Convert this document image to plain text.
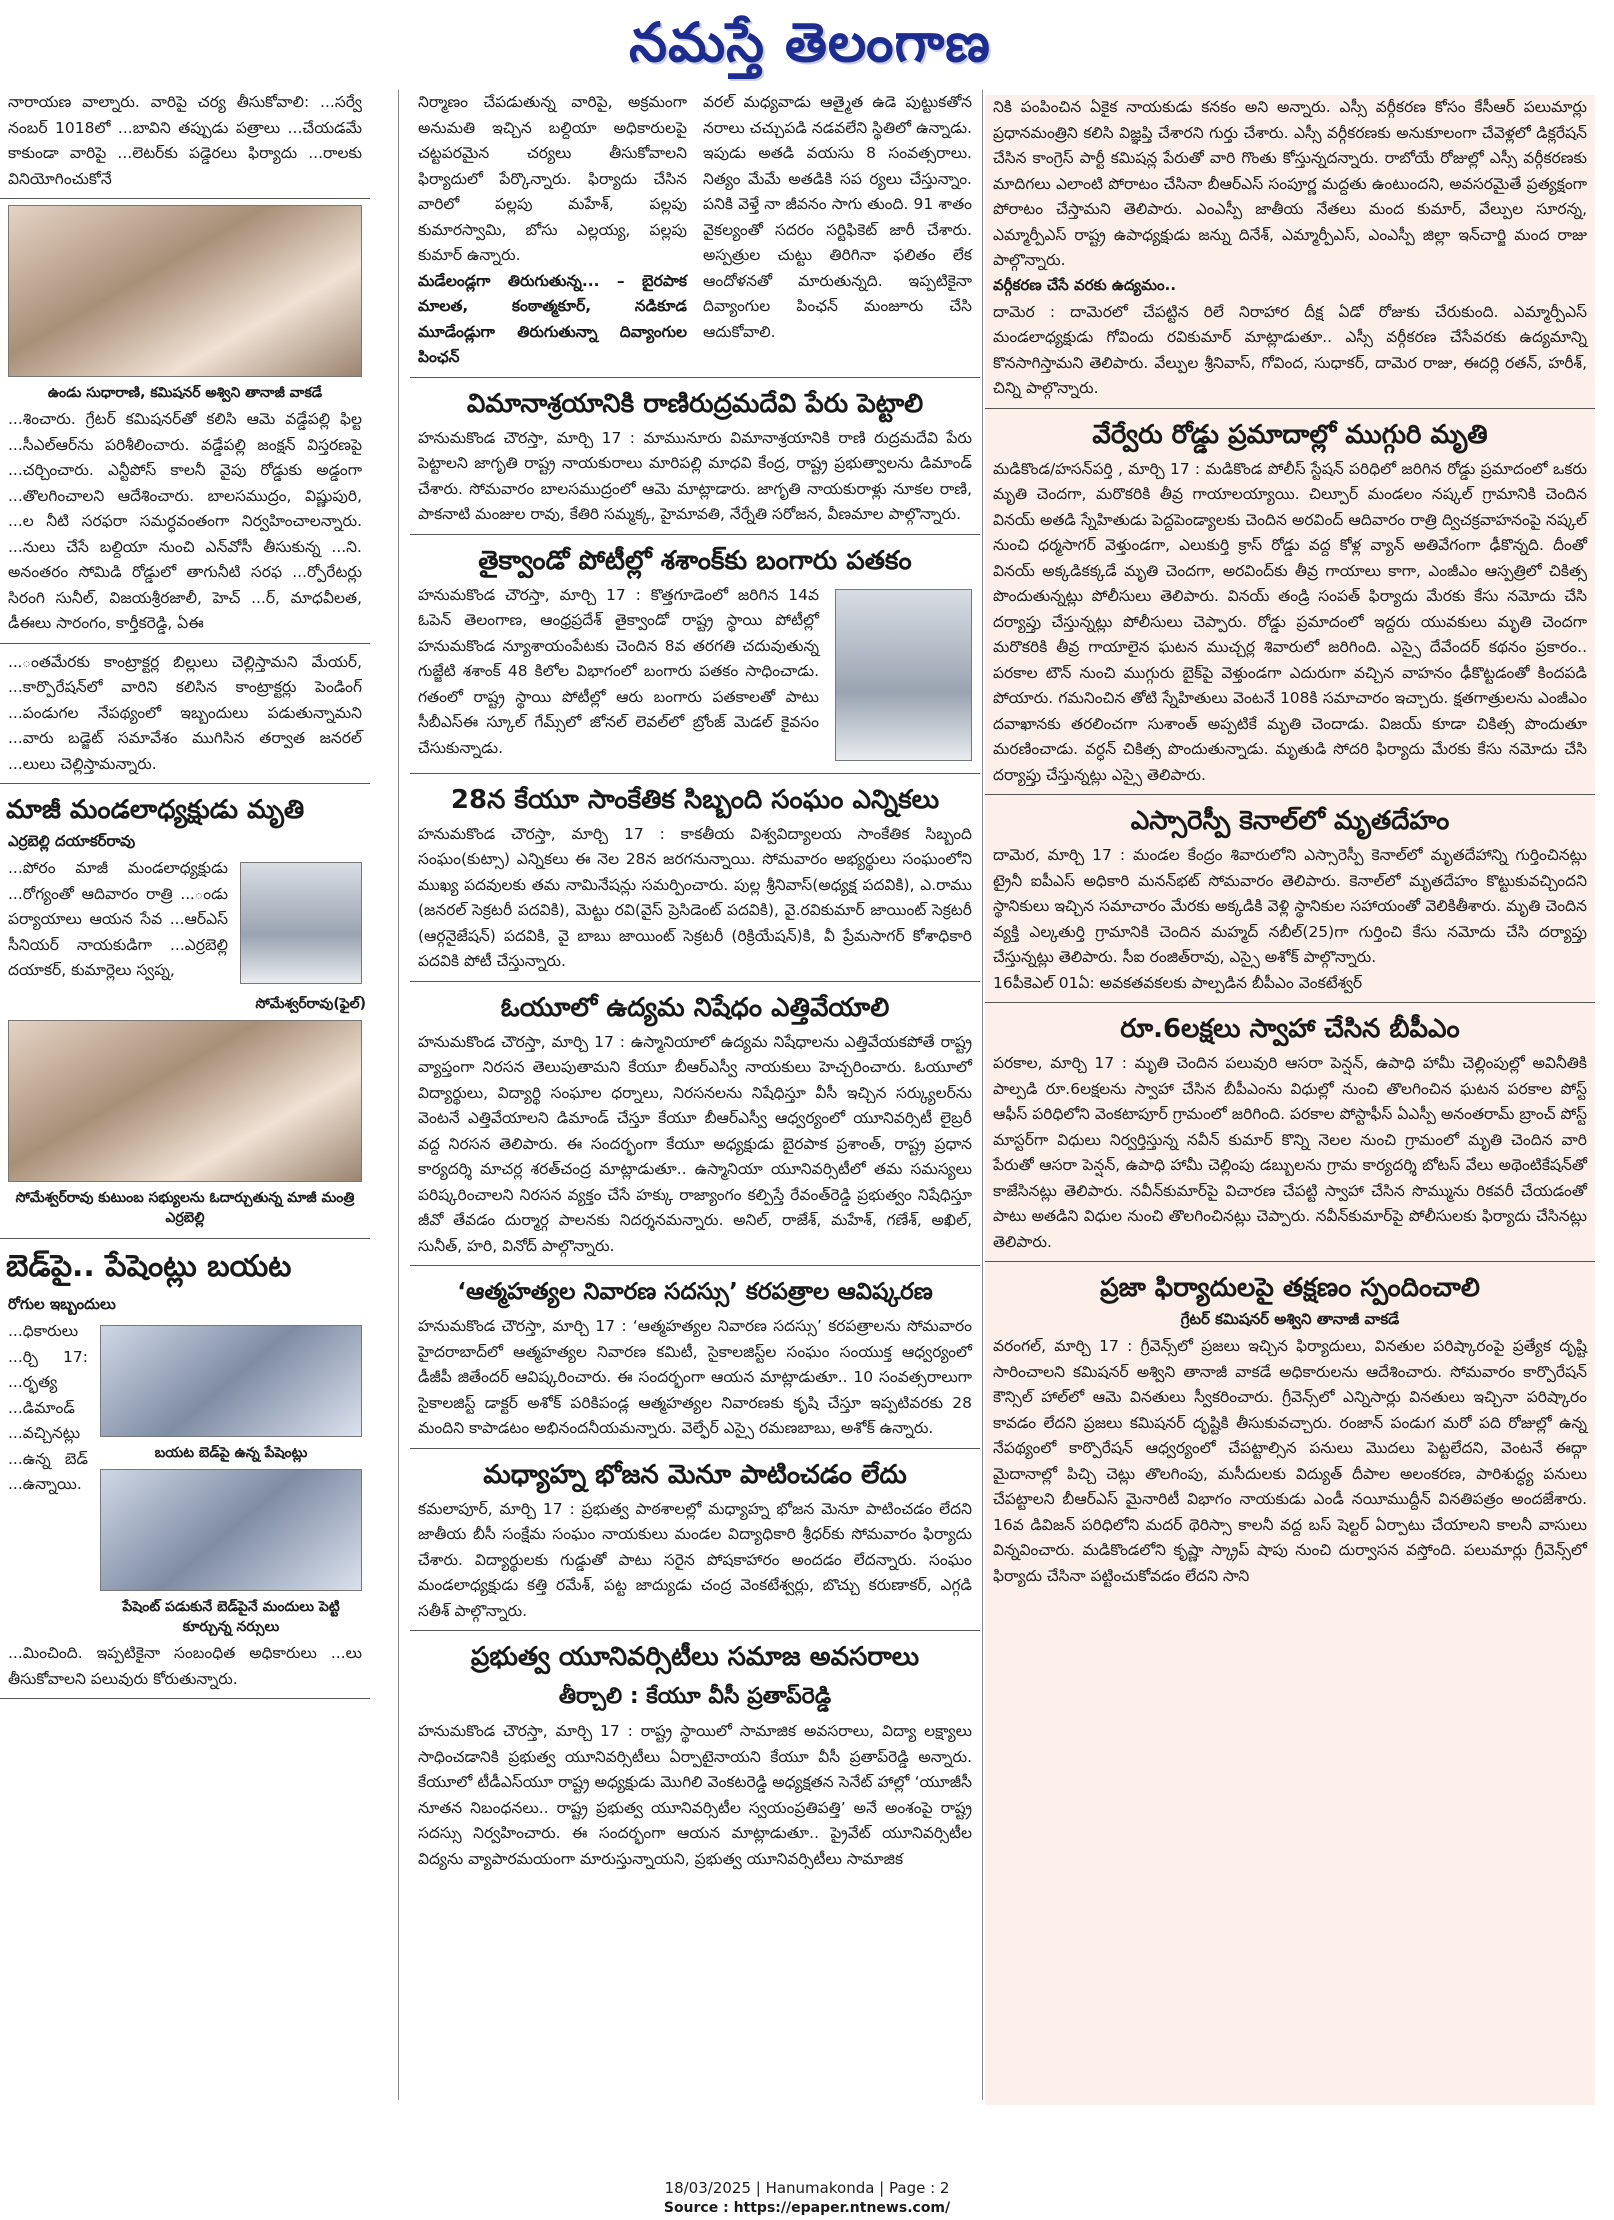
నమస్తే తెలంగాణ

నారాయణ వాల్నారు. వారిపై చర్య తీసుకోవాలి: ...సర్వే నంబర్ 1018లో ...బావిని తప్పుడు పత్రాలు ...చేయడమే కాకుండా వారిపై ...లెటర్‌కు పడ్డెరలు ఫిర్యాదు ...రాలకు వినియోగించుకోనే

ఉండు సుధారాణి, కమిషనర్ అశ్విని తానాజీ వాకడే

...శించారు. గ్రేటర్ కమిషనర్‌తో కలిసి ఆమె వడ్డేపల్లి ఫిల్ట ...సీఎల్‌ఆర్‌ను పరిశీలించారు. వడ్డేపల్లి జంక్షన్ విస్తరణపై ...చర్చించారు. ఎన్టీపోస్ కాలనీ వైపు రోడ్డుకు అడ్డంగా ...తొలగించాలని ఆదేశించారు. బాలసముద్రం, విష్ణుపురి, ...ల నీటి సరఫరా సమర్ధవంతంగా నిర్వహించాలన్నారు. ...నులు చేసే బల్దియా నుంచి ఎన్‌వోసీ తీసుకున్న ...ని. అనంతరం సోమిడి రోడ్డులో తాగునీటి సరఫ ...ర్పోరేటర్లు సిరంగి సునీల్, విజయశ్రీరజాలీ, హెచ్ ...ర్, మాధవీలత, డీఈలు సారంగం, కార్తీకరెడ్డి, ఏఈ

...ంతమేరకు కాంట్రాక్టర్ల బిల్లులు చెల్లిస్తామని మేయర్, ...కార్పొరేషన్‌లో వారిని కలిసిన కాంట్రాక్టర్లు పెండింగ్ ...పండుగల నేపథ్యంలో ఇబ్బందులు పడుతున్నామని ...వారు బడ్జెట్ సమావేశం ముగిసిన తర్వాత జనరల్ ...లులు చెల్లిస్తామన్నారు.

మాజీ మండలాధ్యక్షుడు మృతి
ఎర్రబెల్లి దయాకర్‌రావు

...పోరం మాజీ మండలాధ్యక్షుడు ...రోగ్యంతో ఆదివారం రాత్రి ...ండు పర్యాయాలు ఆయన సేవ ...ఆర్‌ఎస్ సీనియర్ నాయకుడిగా ...ఎర్రబెల్లి దయాకర్, కుమార్లెలు స్వప్న,

సోమేశ్వర్‌రావు(ఫైల్)
సోమేశ్వర్‌రావు కుటుంబ సభ్యులను ఓదార్చుతున్న మాజీ మంత్రి ఎర్రబెల్లి
బెడ్‌పై.. పేషెంట్లు బయట
రోగుల ఇబ్బందులు

...ధికారులు ...ర్చి 17: ...ర్భత్య ...డిమాండ్ ...వచ్చినట్లు ...ఉన్న బెడ్ ...ఉన్నాయి.

బయట బెడ్‌పై ఉన్న పేషెంట్లు
పేషెంట్ పడుకునే బెడ్‌పైనే మందులు పెట్టి కూర్చున్న నర్సులు

...మించింది. ఇప్పటికైనా సంబంధిత అధికారులు ...లు తీసుకోవాలని పలువురు కోరుతున్నారు.

నిర్మాణం చేపడుతున్న వారిపై, అక్రమంగా అనుమతి ఇచ్చిన బల్దియా అధికారులపై చట్టపరమైన చర్యలు తీసుకోవాలని ఫిర్యాదులో పేర్కొన్నారు. ఫిర్యాదు చేసిన వారిలో పల్లపు మహేశ్, పల్లపు కుమారస్వామి, బోసు ఎల్లయ్య, పల్లపు కుమార్ ఉన్నారు.

మడేలండ్లగా తిరుగుతున్న... – బైరపాక మాలత, కంఠాత్మకూర్, నడికూడ మూడేండ్లుగా తిరుగుతున్నా దివ్యాంగుల పింఛన్

వరల్ మధ్యవాడు ఆత్మైత ఉడె పుట్టుకతోన నరాలు చచ్చుపడి నడవలేని స్థితిలో ఉన్నాడు. ఇపుడు అతడి వయసు 8 సంవత్సరాలు. నిత్యం మేమే అతడికి సప ర్యలు చేస్తున్నాం. పనికి వెళ్తే నా జీవనం సాగు తుంది. 91 శాతం వైకల్యంతో సదరం సర్టిఫికెట్ జారీ చేశారు. అస్పత్రుల చుట్టు తిరిగినా ఫలితం లేక ఆందోళనతో మారుతున్నది. ఇప్పటికైనా దివ్యాంగుల పింఛన్ మంజూరు చేసి ఆదుకోవాలి.

విమానాశ్రయానికి రాణిరుద్రమదేవి పేరు పెట్టాలి

హనుమకొండ చౌరస్తా, మార్చి 17 : మామునూరు విమానాశ్రయానికి రాణి రుద్రమదేవి పేరు పెట్టాలని జాగృతి రాష్ట్ర నాయకురాలు మారిపల్లి మాధవి కేంద్ర, రాష్ట్ర ప్రభుత్వాలను డిమాండ్ చేశారు. సోమవారం బాలసముద్రంలో ఆమె మాట్లాడారు. జాగృతి నాయకురాళ్లు నూకల రాణి, పాకనాటి మంజుల రావు, కేతిరి సమ్మక్క, హైమావతి, నేర్నేతి సరోజన, వీణమాల పాల్గొన్నారు.

తైక్వాండో పోటీల్లో శశాంక్‌కు బంగారు పతకం

హనుమకొండ చౌరస్తా, మార్చి 17 : కొత్తగూడెంలో జరిగిన 14వ ఓపెన్ తెలంగాణ, ఆంధ్రప్రదేశ్ తైక్వాండో రాష్ట్ర స్థాయి పోటీల్లో హనుమకొండ న్యూశాయంపేటకు చెందిన 8వ తరగతి చదువుతున్న గుజ్జేటి శశాంక్ 48 కిలోల విభాగంలో బంగారు పతకం సాధించాడు. గతంలో రాష్ట్ర స్థాయి పోటీల్లో ఆరు బంగారు పతకాలతో పాటు సీబీఎస్‌ఈ స్కూల్ గేమ్స్‌లో జోనల్ లెవల్‌లో బ్రోంజ్ మెడల్ కైవసం చేసుకున్నాడు.

28న కేయూ సాంకేతిక సిబ్బంది సంఘం ఎన్నికలు

హనుమకొండ చౌరస్తా, మార్చి 17 : కాకతీయ విశ్వవిద్యాలయ సాంకేతిక సిబ్బంది సంఘం(కుట్సా) ఎన్నికలు ఈ నెల 28న జరగనున్నాయి. సోమవారం అభ్యర్థులు సంఘంలోని ముఖ్య పదవులకు తమ నామినేషన్లు సమర్పించారు. పుల్ల శ్రీనివాస్(అధ్యక్ష పదవికి), ఎ.రాము (జనరల్ సెక్రటరీ పదవికి), మెట్టు రవి(వైస్ ప్రెసిడెంట్ పదవికి), వై.రవికుమార్ జాయింట్ సెక్రటరీ (ఆర్గనైజేషన్) పదవికి, వై బాబు జాయింట్ సెక్రటరీ (రిక్రియేషన్)కి, వీ ప్రేమసాగర్ కోశాధికారి పదవికి పోటీ చేస్తున్నారు.

ఓయూలో ఉద్యమ నిషేధం ఎత్తివేయాలి

హనుమకొండ చౌరస్తా, మార్చి 17 : ఉస్మానియాలో ఉద్యమ నిషేధాలను ఎత్తివేయకపోతే రాష్ట్ర వ్యాప్తంగా నిరసన తెలుపుతామని కేయూ బీఆర్‌ఎస్వీ నాయకులు హెచ్చరించారు. ఓయూలో విద్యార్థులు, విద్యార్థి సంఘాల ధర్నాలు, నిరసనలను నిషేధిస్తూ వీసీ ఇచ్చిన సర్క్యులర్‌ను వెంటనే ఎత్తివేయాలని డిమాండ్ చేస్తూ కేయూ బీఆర్‌ఎస్వీ ఆధ్వర్యంలో యూనివర్సిటీ లైబ్రరీ వద్ద నిరసన తెలిపారు. ఈ సందర్భంగా కేయూ అధ్యక్షుడు బైరపాక ప్రశాంత్, రాష్ట్ర ప్రధాన కార్యదర్శి మాచర్ల శరత్‌చంద్ర మాట్లాడుతూ.. ఉస్మానియా యూనివర్సిటీలో తమ సమస్యలు పరిష్కరించాలని నిరసన వ్యక్తం చేసే హక్కు రాజ్యాంగం కల్పిస్తే రేవంత్‌రెడ్డి ప్రభుత్వం నిషేధిస్తూ జీవో తేవడం దుర్మార్గ పాలనకు నిదర్శనమన్నారు. అనిల్, రాజేశ్, మహేశ్, గణేశ్, అఖిల్, సునీత్, హరి, వినోద్ పాల్గొన్నారు.

‘ఆత్మహత్యల నివారణ సదస్సు’ కరపత్రాల ఆవిష్కరణ

హనుమకొండ చౌరస్తా, మార్చి 17 : ‘ఆత్మహత్యల నివారణ సదస్సు’ కరపత్రాలను సోమవారం హైదరాబాద్‌లో ఆత్మహత్యల నివారణ కమిటీ, సైకాలజిస్ట్‌ల సంఘం సంయుక్త ఆధ్వర్యంలో డీజీపీ జితేందర్ ఆవిష్కరించారు. ఈ సందర్భంగా ఆయన మాట్లాడుతూ.. 10 సంవత్సరాలుగా సైకాలజిస్ట్ డాక్టర్ అశోక్ పరికిపండ్ల ఆత్మహత్యల నివారణకు కృషి చేస్తూ ఇప్పటివరకు 28 మందిని కాపాడటం అభినందనీయమన్నారు. వెల్ఫేర్ ఎస్సై రమణబాబు, అశోక్ ఉన్నారు.

మధ్యాహ్న భోజన మెనూ పాటించడం లేదు

కమలాపూర్, మార్చి 17 : ప్రభుత్వ పాఠశాలల్లో మధ్యాహ్న భోజన మెనూ పాటించడం లేదని జాతీయ బీసీ సంక్షేమ సంఘం నాయకులు మండల విద్యాధికారి శ్రీధర్‌కు సోమవారం ఫిర్యాదు చేశారు. విద్యార్థులకు గుడ్డుతో పాటు సరైన పోషకాహారం అందడం లేదన్నారు. సంఘం మండలాధ్యక్షుడు కత్తి రమేశ్, పట్ట జాద్యుడు చంద్ర వెంకటేశ్వర్లు, బొచ్చు కరుణాకర్, ఎగ్గడి సతీశ్ పాల్గొన్నారు.

ప్రభుత్వ యూనివర్సిటీలు సమాజ అవసరాలు
తీర్చాలి : కేయూ వీసీ ప్రతాప్‌రెడ్డి

హనుమకొండ చౌరస్తా, మార్చి 17 : రాష్ట్ర స్థాయిలో సామాజిక అవసరాలు, విద్యా లక్ష్యాలు సాధించడానికి ప్రభుత్వ యూనివర్సిటీలు ఏర్పాటైనాయని కేయూ వీసీ ప్రతాప్‌రెడ్డి అన్నారు. కేయూలో టీడీఎస్‌యూ రాష్ట్ర అధ్యక్షుడు మొగిలి వెంకటరెడ్డి అధ్యక్షతన సెనేట్ హాల్లో ‘యూజీసీ నూతన నిబంధనలు.. రాష్ట్ర ప్రభుత్వ యూనివర్సిటీల స్వయంప్రతిపత్తి’ అనే అంశంపై రాష్ట్ర సదస్సు నిర్వహించారు. ఈ సందర్భంగా ఆయన మాట్లాడుతూ.. ప్రైవేట్ యూనివర్సిటీల విద్యను వ్యాపారమయంగా మారుస్తున్నాయని, ప్రభుత్వ యూనివర్సిటీలు సామాజిక

నికి పంపించిన ఏకైక నాయకుడు కనకం అని అన్నారు. ఎస్సీ వర్గీకరణ కోసం కేసీఆర్ పలుమార్లు ప్రధానమంత్రిని కలిసి విజ్ఞప్తి చేశారని గుర్తు చేశారు. ఎస్సీ వర్గీకరణకు అనుకూలంగా చేవెళ్లలో డిక్లరేషన్ చేసిన కాంగ్రెస్ పార్టీ కమిషన్ల పేరుతో వారి గొంతు కోస్తున్నదన్నారు. రాబోయే రోజుల్లో ఎస్సీ వర్గీకరణకు మాదిగలు ఎలాంటి పోరాటం చేసినా బీఆర్‌ఎస్ సంపూర్ణ మద్దతు ఉంటుందని, అవసరమైతే ప్రత్యక్షంగా పోరాటం చేస్తామని తెలిపారు. ఎంఎస్పీ జాతీయ నేతలు మంద కుమార్, వేల్పుల సూరన్న, ఎమ్మార్పీఎస్ రాష్ట్ర ఉపాధ్యక్షుడు జన్ను దినేశ్, ఎమ్మార్పీఎస్, ఎంఎస్పీ జిల్లా ఇన్‌చార్జి మంద రాజు పాల్గొన్నారు.

వర్గీకరణ చేసే వరకు ఉద్యమం..

దామెర : దామెరలో చేపట్టిన రిలే నిరాహార దీక్ష ఏడో రోజుకు చేరుకుంది. ఎమ్మార్పీఎస్ మండలాధ్యక్షుడు గోవిందు రవికుమార్ మాట్లాడుతూ.. ఎస్సీ వర్గీకరణ చేసేవరకు ఉద్యమాన్ని కొనసాగిస్తామని తెలిపారు. వేల్పుల శ్రీనివాస్, గోవింద, సుధాకర్, దామెర రాజు, ఈదర్లి రతన్, హరీశ్, చిన్ని పాల్గొన్నారు.

వేర్వేరు రోడ్డు ప్రమాదాల్లో ముగ్గురి మృతి

మడికొండ/హసన్‌పర్తి , మార్చి 17 : మడికొండ పోలీస్ స్టేషన్ పరిధిలో జరిగిన రోడ్డు ప్రమాదంలో ఒకరు మృతి చెందగా, మరొకరికి తీవ్ర గాయాలయ్యాయి. చిల్పూర్ మండలం నష్కల్ గ్రామానికి చెందిన వినయ్ అతడి స్నేహితుడు పెద్దపెండ్యాలకు చెందిన అరవింద్ ఆదివారం రాత్రి ద్విచక్రవాహనంపై నష్కల్ నుంచి ధర్మసాగర్ వెళ్తుండగా, ఎలుకుర్తి క్రాస్ రోడ్డు వద్ద కోళ్ల వ్యాన్ అతివేగంగా ఢీకొన్నది. దీంతో వినయ్ అక్కడికక్కడే మృతి చెందగా, అరవింద్‌కు తీవ్ర గాయాలు కాగా, ఎంజీఎం ఆస్పత్రిలో చికిత్స పొందుతున్నట్లు పోలీసులు తెలిపారు. వినయ్ తండ్రి సంపత్ ఫిర్యాదు మేరకు కేసు నమోదు చేసి దర్యాప్తు చేస్తున్నట్లు పోలీసులు చెప్పారు. రోడ్డు ప్రమాదంలో ఇద్దరు యువకులు మృతి చెందగా మరొకరికి తీవ్ర గాయాలైన ఘటన ముచ్చర్ల శివారులో జరిగింది. ఎస్సై దేవేందర్ కథనం ప్రకారం.. పరకాల టౌన్ నుంచి ముగ్గురు బైక్‌పై వెళ్తుండగా ఎదురుగా వచ్చిన వాహనం ఢీకొట్టడంతో కిందపడి పోయారు. గమనించిన తోటి స్నేహితులు వెంటనే 108కి సమాచారం ఇచ్చారు. క్షతగాత్రులను ఎంజీఎం దవాఖానకు తరలించగా సుశాంత్ అప్పటికే మృతి చెందాడు. విజయ్ కూడా చికిత్స పొందుతూ మరణించాడు. వర్ధన్ చికిత్స పొందుతున్నాడు. మృతుడి సోదరి ఫిర్యాదు మేరకు కేసు నమోదు చేసి దర్యాప్తు చేస్తున్నట్లు ఎస్సై తెలిపారు.

ఎస్సారెస్పీ కెనాల్‌లో మృతదేహం

దామెర, మార్చి 17 : మండల కేంద్రం శివారులోని ఎస్సారెస్పీ కెనాల్‌లో మృతదేహాన్ని గుర్తించినట్లు ట్రైనీ ఐపీఎస్ అధికారి మనన్‌భట్ సోమవారం తెలిపారు. కెనాల్‌లో మృతదేహం కొట్టుకువచ్చిందని స్థానికులు ఇచ్చిన సమాచారం మేరకు అక్కడికి వెళ్లి స్థానికుల సహాయంతో వెలికితీశారు. మృతి చెందిన వ్యక్తి ఎల్కతుర్తి గ్రామానికి చెందిన మహ్మద్ నబీల్(25)గా గుర్తించి కేసు నమోదు చేసి దర్యాప్తు చేస్తున్నట్లు తెలిపారు. సీఐ రంజిత్‌రావు, ఎస్సై అశోక్ పాల్గొన్నారు.

16పీకెఎల్ 01ఏ: అవకతవకలకు పాల్పడిన బీపీఎం వెంకటేశ్వర్

రూ.6లక్షలు స్వాహా చేసిన బీపీఎం

పరకాల, మార్చి 17 : మృతి చెందిన పలువురి ఆసరా పెన్షన్, ఉపాధి హామీ చెల్లింపుల్లో అవినీతికి పాల్పడి రూ.6లక్షలను స్వాహా చేసిన బీపీఎంను విధుల్లో నుంచి తొలగించిన ఘటన పరకాల పోస్ట్ ఆఫీస్ పరిధిలోని వెంకటాపూర్ గ్రామంలో జరిగింది. పరకాల పోస్టాఫీస్ ఏఎస్పీ అనంతరామ్ బ్రాంచ్ పోస్ట్ మాస్టర్‌గా విధులు నిర్వర్తిస్తున్న నవీన్ కుమార్ కొన్ని నెలల నుంచి గ్రామంలో మృతి చెందిన వారి పేరుతో ఆసరా పెన్షన్, ఉపాధి హామీ చెల్లింపు డబ్బులను గ్రామ కార్యదర్శి బోటస్ వేలు అథెంటికేషన్‌తో కాజేసినట్లు తెలిపారు. నవీన్‌కుమార్‌పై విచారణ చేపట్టి స్వాహా చేసిన సొమ్మును రికవరీ చేయడంతో పాటు అతడిని విధుల నుంచి తొలగించినట్లు చెప్పారు. నవీన్‌కుమార్‌పై పోలీసులకు ఫిర్యాదు చేసినట్లు తెలిపారు.

ప్రజా ఫిర్యాదులపై తక్షణం స్పందించాలి
గ్రేటర్ కమిషనర్ అశ్విని తానాజీ వాకడే

వరంగల్, మార్చి 17 : గ్రీవెన్స్‌లో ప్రజలు ఇచ్చిన ఫిర్యాదులు, వినతుల పరిష్కారంపై ప్రత్యేక దృష్టి సారించాలని కమిషనర్ అశ్విని తానాజీ వాకడే అధికారులను ఆదేశించారు. సోమవారం కార్పొరేషన్ కౌన్సిల్ హాల్‌లో ఆమె వినతులు స్వీకరించారు. గ్రీవెన్స్‌లో ఎన్నిసార్లు వినతులు ఇచ్చినా పరిష్కారం కావడం లేదని ప్రజలు కమిషనర్ దృష్టికి తీసుకువచ్చారు. రంజాన్ పండుగ మరో పది రోజుల్లో ఉన్న నేపథ్యంలో కార్పొరేషన్ ఆధ్వర్యంలో చేపట్టాల్సిన పనులు మొదలు పెట్టలేదని, వెంటనే ఈద్గా మైదానాల్లో పిచ్చి చెట్లు తొలగింపు, మసీదులకు విద్యుత్ దీపాల అలంకరణ, పారిశుద్ధ్య పనులు చేపట్టాలని బీఆర్‌ఎస్ మైనారిటీ విభాగం నాయకుడు ఎండీ నయీముద్దీన్ వినతిపత్రం అందజేశారు. 16వ డివిజన్ పరిధిలోని మదర్ థెరిస్సా కాలనీ వద్ద బస్ షెల్టర్ ఏర్పాటు చేయాలని కాలనీ వాసులు విన్నవించారు. మడికొండలోని కృష్ణా స్క్రాప్ షాపు నుంచి దుర్వాసన వస్తోంది. పలుమార్లు గ్రీవెన్స్‌లో ఫిర్యాదు చేసినా పట్టించుకోవడం లేదని సాని

18/03/2025 | Hanumakonda | Page : 2
Source : https://epaper.ntnews.com/
